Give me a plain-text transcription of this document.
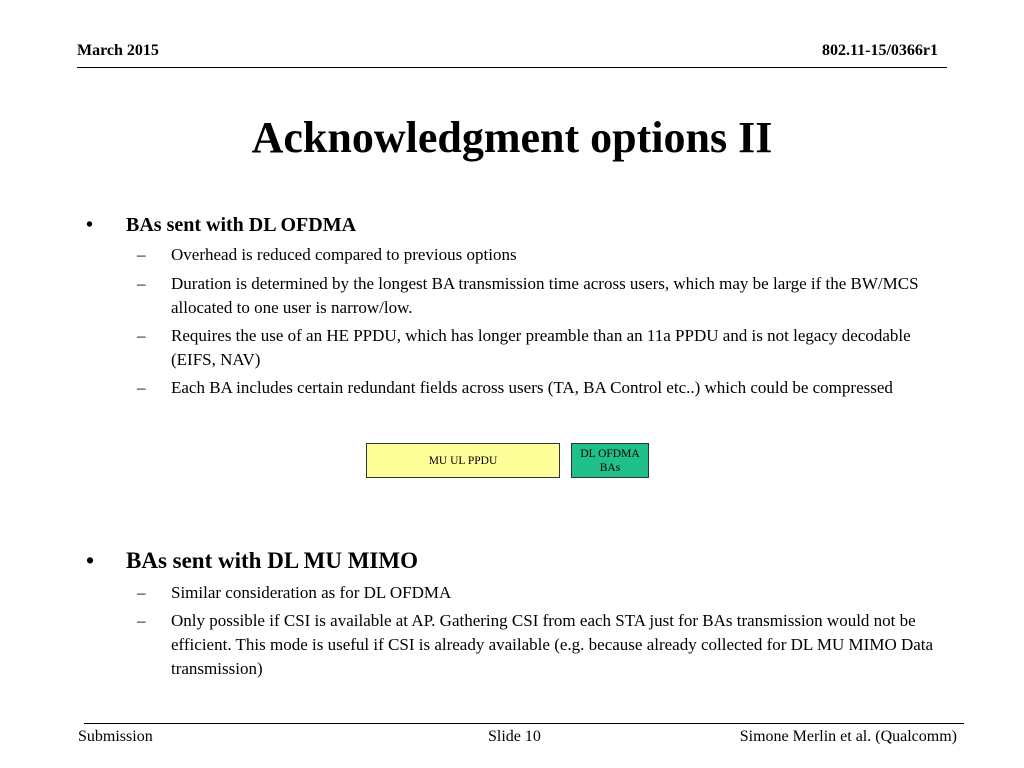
March 2015	802.11-15/0366r1
Acknowledgment options II
• BAs sent with DL OFDMA
–	Overhead is reduced compared to previous options
–	Duration is determined by the longest BA transmission time across users, which may be large if the BW/MCS allocated to one user is narrow/low.
–	Requires the use of an HE PPDU, which has longer preamble than an 11a PPDU and is not legacy decodable (EIFS, NAV)
–	Each BA includes certain redundant fields across users (TA, BA Control etc..) which could be compressed
MU UL PPDU
DL OFDMA BAs
• BAs sent with DL MU MIMO
–	Similar consideration as for DL OFDMA
–	Only possible if CSI is available at AP. Gathering CSI from each STA just for BAs transmission would not be efficient. This mode is useful if CSI is already available (e.g. because already collected for DL MU MIMO Data transmission)
Submission	Slide 10	Simone Merlin et al. (Qualcomm)
